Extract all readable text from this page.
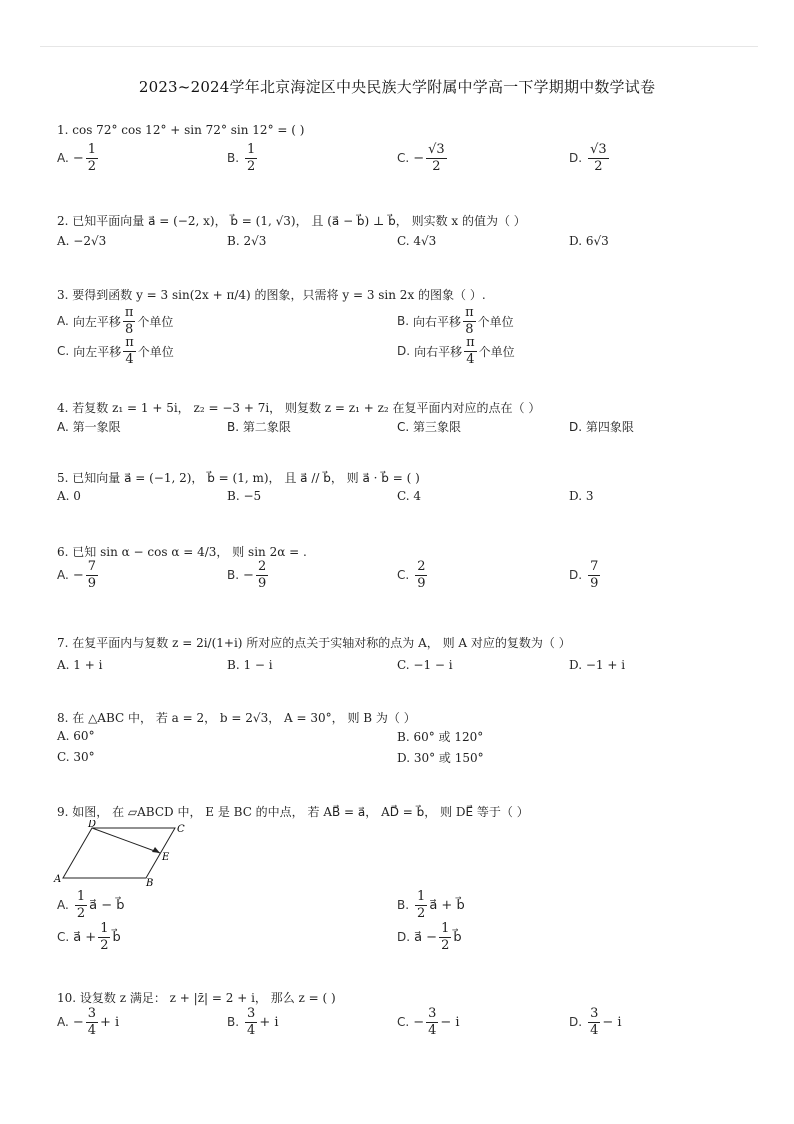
2023~2024学年北京海淀区中央民族大学附属中学高一下学期期中数学试卷
1. cos 72° cos 12° + sin 72° sin 12° = ( )
A. − $\frac{1}{2}$	B. $\frac{1}{2}$	C. − $\frac{√3}{2}$	D. $\frac{√3}{2}$
2. 已知平面向量 a⃗ = (−2, x)， b⃗ = (1, √3)， 且 (a⃗ − b⃗) ⊥ b⃗， 则实数 x 的值为（ ）
A. −2√3	B. 2√3	C. 4√3	D. 6√3
3. 要得到函数 y = 3 sin(2x + π/4) 的图象，只需将 y = 3 sin 2x 的图象（ ）.
A. 向左平移 $\frac{\pi}{8}$ 个单位	B. 向右平移 $\frac{\pi}{8}$ 个单位
C. 向左平移 $\frac{\pi}{4}$ 个单位	D. 向右平移 $\frac{\pi}{4}$ 个单位
4. 若复数 z₁ = 1 + 5i， z₂ = −3 + 7i， 则复数 z = z₁ + z₂ 在复平面内对应的点在（ ）
A. 第一象限	B. 第二象限	C. 第三象限	D. 第四象限
5. 已知向量 a⃗ = (−1, 2)， b⃗ = (1, m)， 且 a⃗ // b⃗， 则 a⃗ · b⃗ = ( )
A. 0	B. −5	C. 4	D. 3
6. 已知 sin α − cos α = 4/3， 则 sin 2α = .
A. − $\frac{7}{9}$	B. − $\frac{2}{9}$	C. $\frac{2}{9}$	D. $\frac{7}{9}$
7. 在复平面内与复数 z = 2i/(1+i) 所对应的点关于实轴对称的点为 A， 则 A 对应的复数为（ ）
A. 1 + i	B. 1 − i	C. −1 − i	D. −1 + i
8. 在 △ABC 中， 若 a = 2， b = 2√3， A = 30°， 则 B 为（ ）
A. 60°	B. 60° 或 120°
C. 30°	D. 30° 或 150°
9. 如图， 在 ▱ABCD 中， E 是 BC 的中点， 若 AB⃗ = a⃗， AD⃗ = b⃗， 则 DE⃗ 等于（ ）
D	C
E
A	B
A. $\frac{1}{2}$ a⃗ − b⃗	B. $\frac{1}{2}$ a⃗ + b⃗
C. a⃗ + $\frac{1}{2}$ b⃗	D. a⃗ − $\frac{1}{2}$ b⃗
10. 设复数 z 满足： z + |z̄| = 2 + i， 那么 z = ( )
A. − $\frac{3}{4} + i$	B. $\frac{3}{4} + i$	C. − $\frac{3}{4} - i$	D. $\frac{3}{4} - i$
